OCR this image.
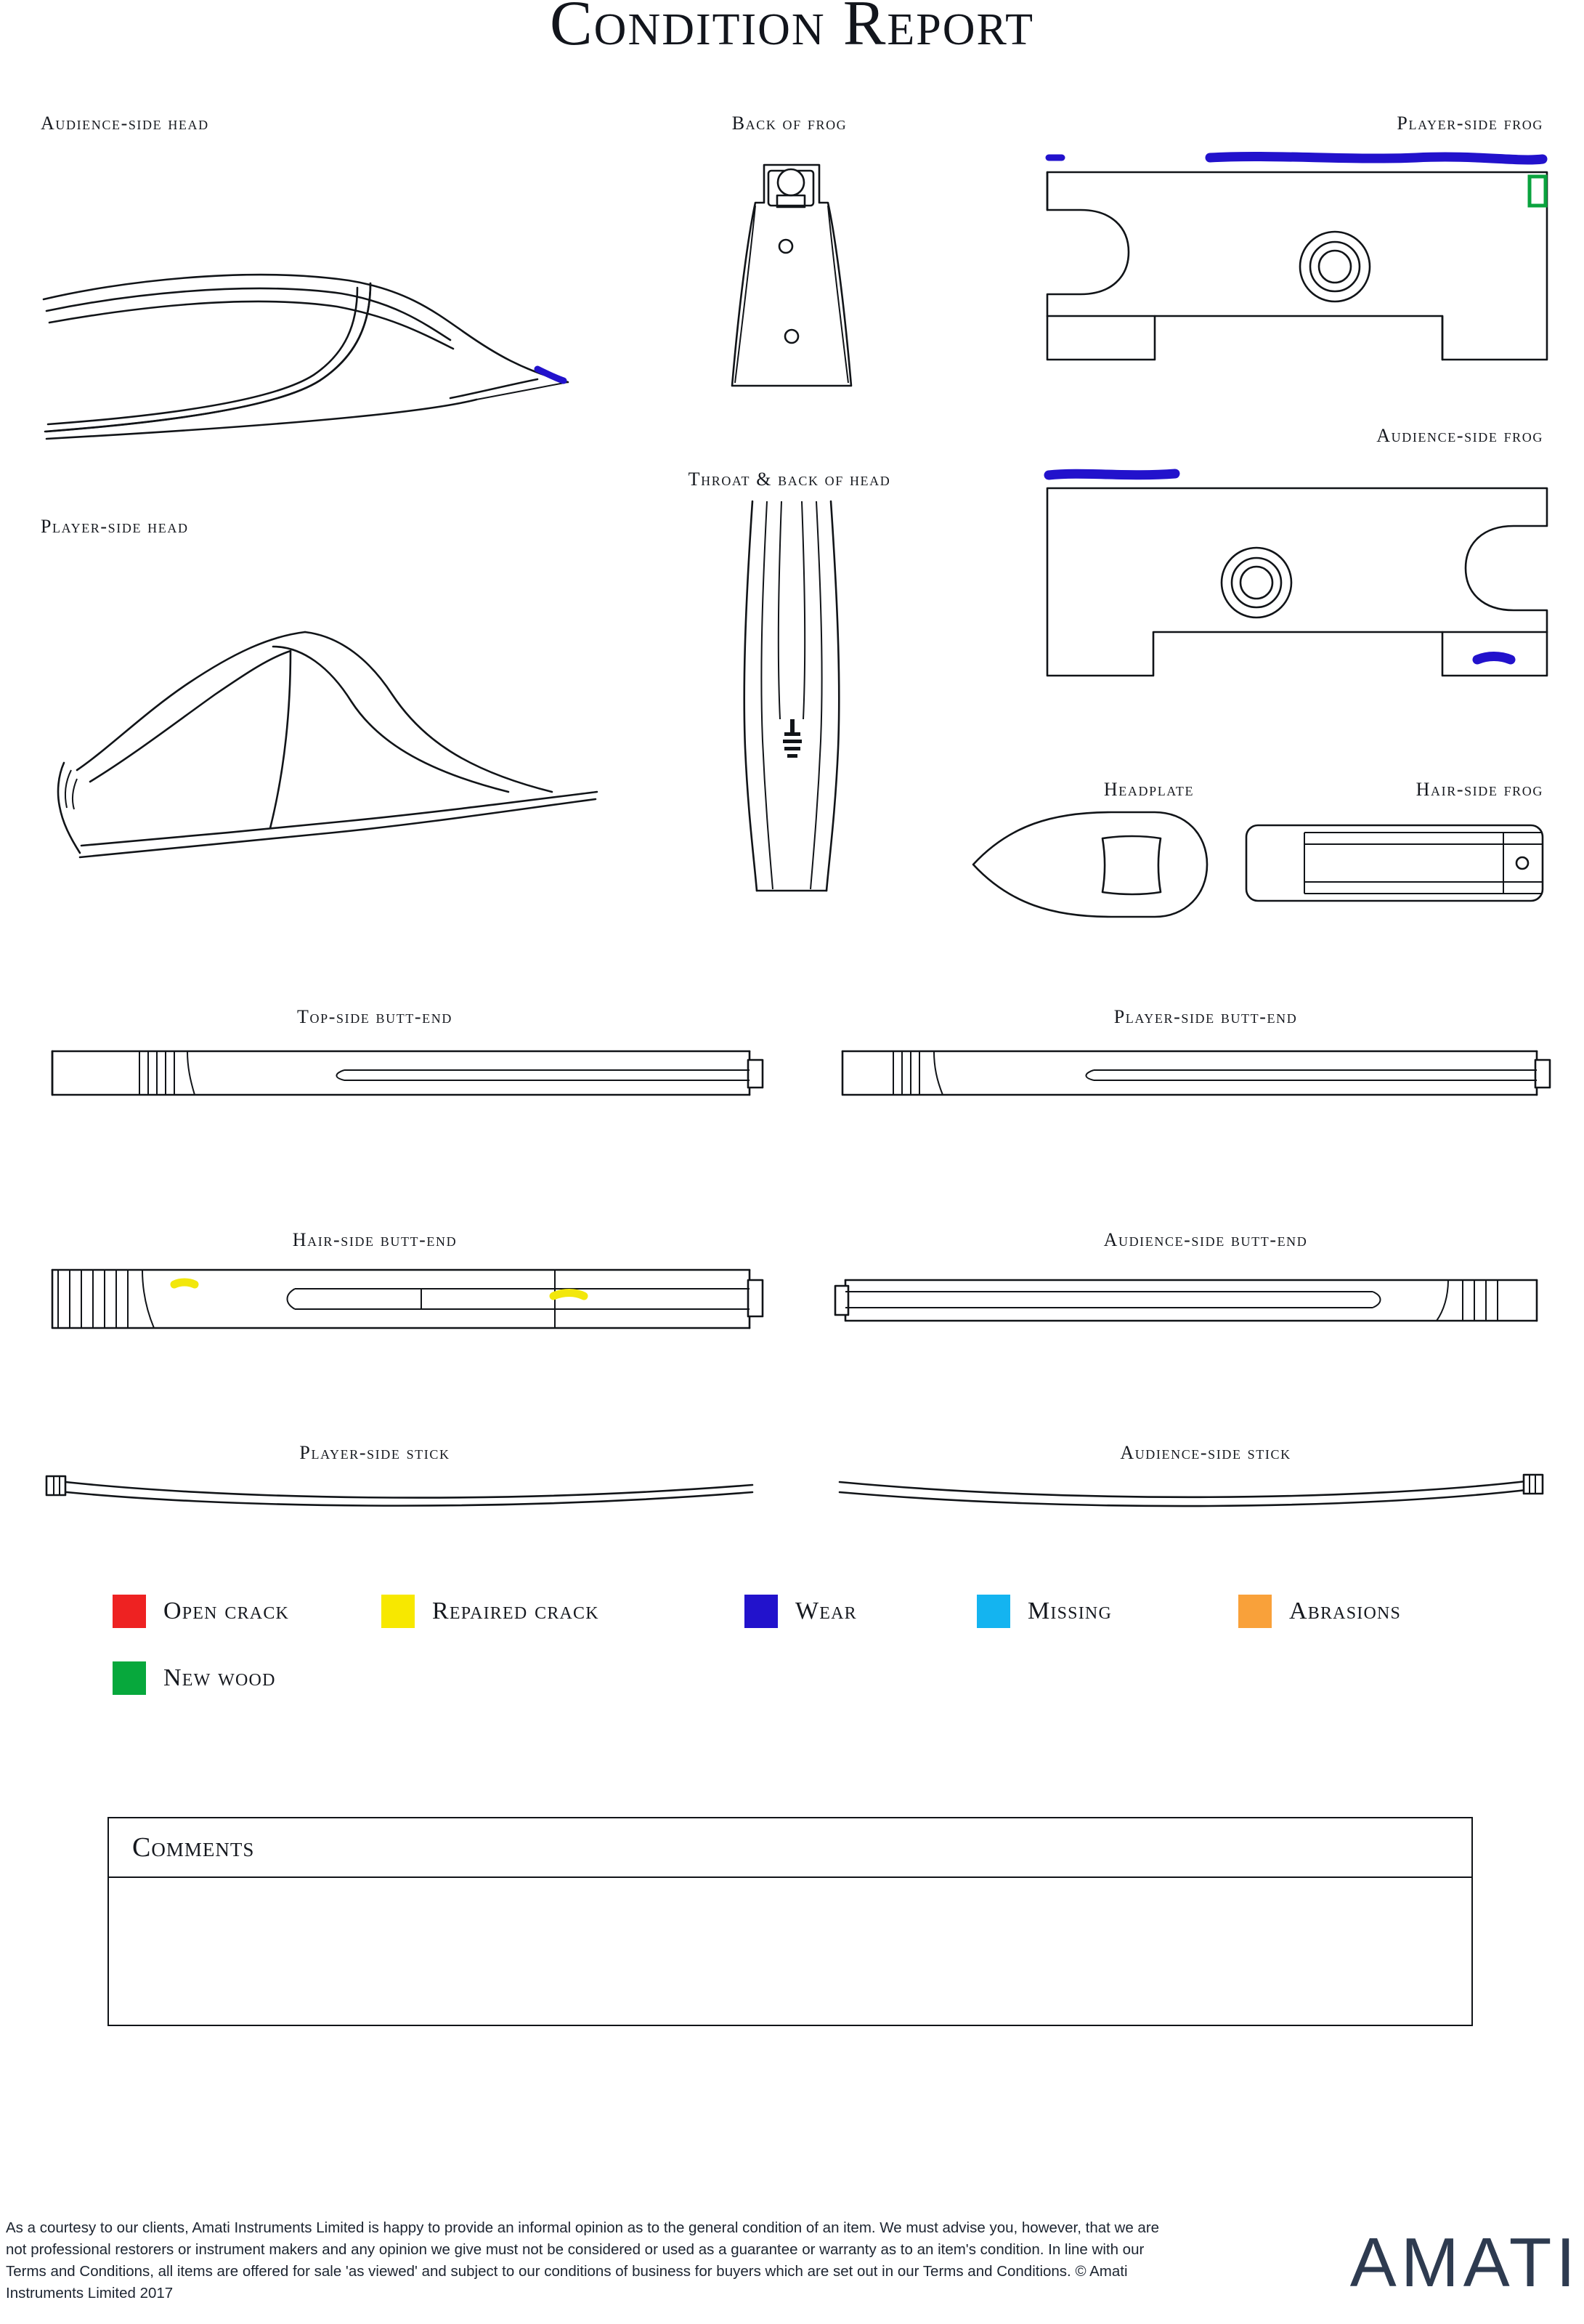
Condition Report
Audience-side head
Player-side head
Back of frog
Throat & back of head
Player-side frog
Audience-side frog
Headplate	Hair-side frog
Top-side butt-end	Player-side butt-end
Hair-side butt-end	Audience-side butt-end
Player-side stick	Audience-side stick
Open crack	Repaired crack	Wear	Missing	Abrasions
New wood
Comments
As a courtesy to our clients, Amati Instruments Limited is happy to provide an informal opinion as to the general condition of an item. We must advise you, however, that we are not professional restorers or instrument makers and any opinion we give must not be considered or used as a guarantee or warranty as to an item's condition. In line with our Terms and Conditions, all items are offered for sale 'as viewed' and subject to our conditions of business for buyers which are set out in our Terms and Conditions. © Amati Instruments Limited 2017	AMATI
